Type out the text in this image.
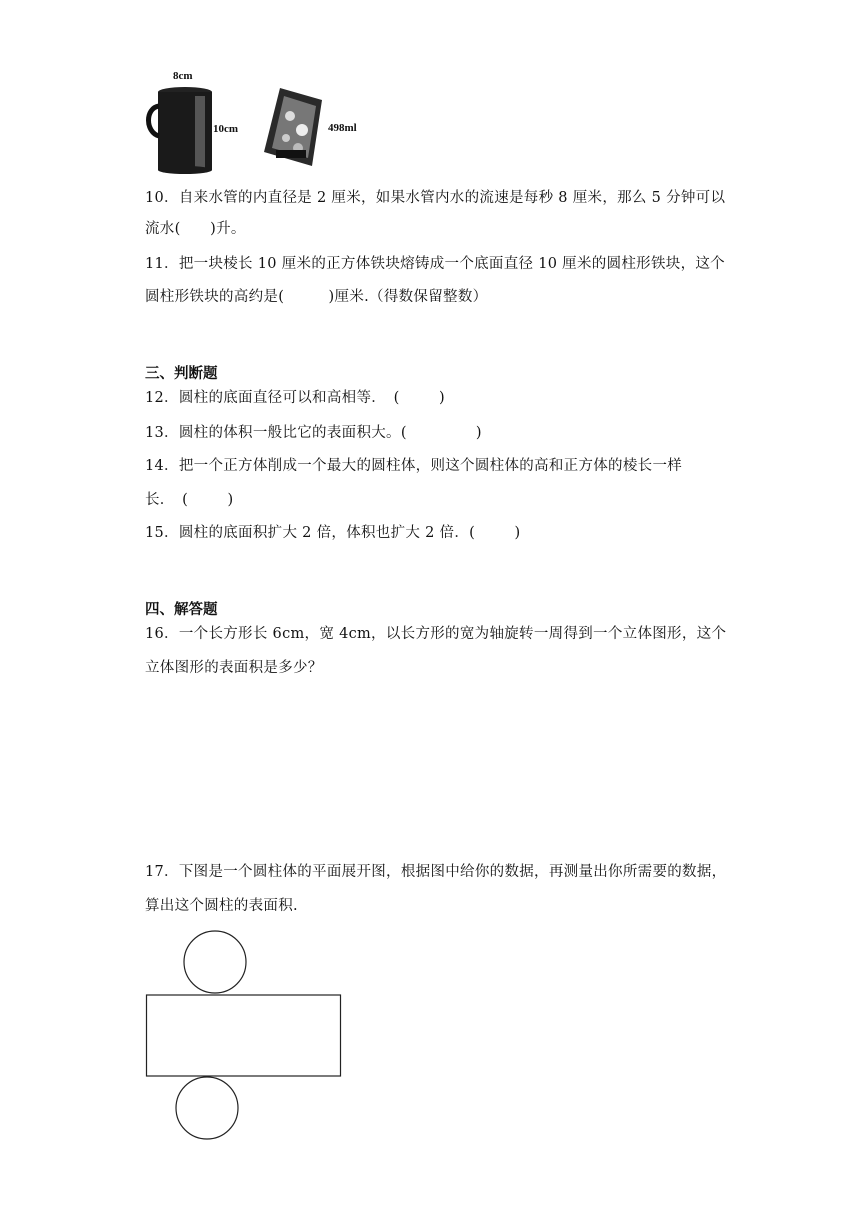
8cm
10cm	498ml
10．自来水管的内直径是 2 厘米，如果水管内水的流速是每秒 8 厘米，那么 5 分钟可以
流水(　　)升。
11．把一块棱长 10 厘米的正方体铁块熔铸成一个底面直径 10 厘米的圆柱形铁块，这个
圆柱形铁块的高约是(　　　)厘米.（得数保留整数）
三、判断题
12．圆柱的底面直径可以和高相等．　( 　　 )
13．圆柱的体积一般比它的表面积大。( 　　　　 )
14．把一个正方体削成一个最大的圆柱体，则这个圆柱体的高和正方体的棱长一样
长．　( 　　 )
15．圆柱的底面积扩大 2 倍，体积也扩大 2 倍．( 　　 )
四、解答题
16．一个长方形长 6cm，宽 4cm，以长方形的宽为轴旋转一周得到一个立体图形，这个
立体图形的表面积是多少？
17．下图是一个圆柱体的平面展开图，根据图中给你的数据，再测量出你所需要的数据，
算出这个圆柱的表面积.
